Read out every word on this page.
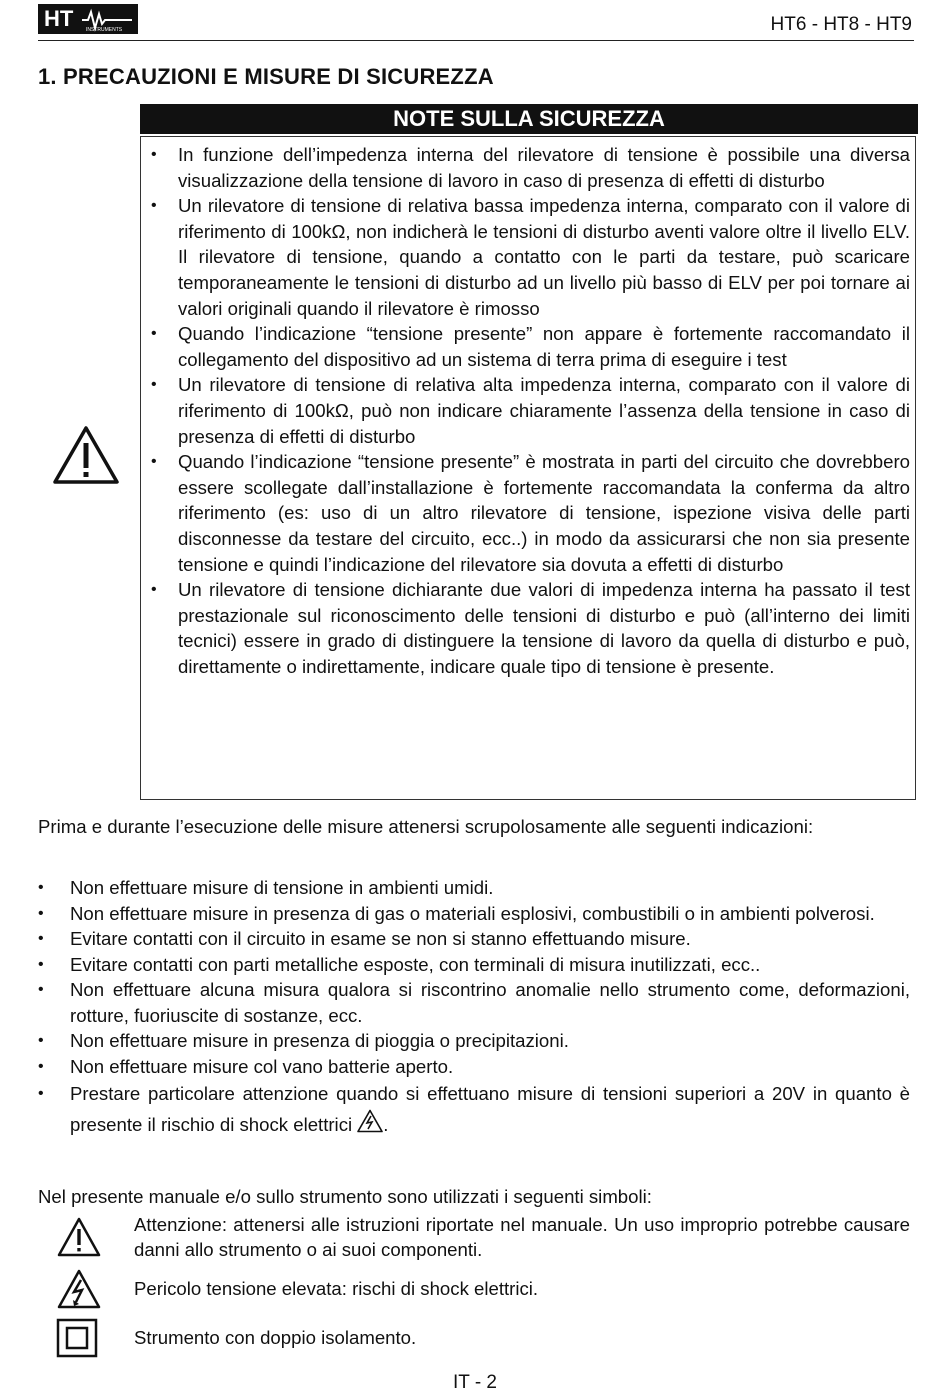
HT	INSTRUMENTS	HT6 - HT8 - HT9
1. PRECAUZIONI E MISURE DI SICUREZZA
NOTE SULLA SICUREZZA
• In funzione dell’impedenza interna del rilevatore di tensione è possibile una diversa visualizzazione della tensione di lavoro in caso di presenza di effetti di disturbo
• Un rilevatore di tensione di relativa bassa impedenza interna, comparato con il valore di riferimento di 100kΩ, non indicherà le tensioni di disturbo aventi valore oltre il livello ELV. Il rilevatore di tensione, quando a contatto con le parti da testare, può scaricare temporaneamente le tensioni di disturbo ad un livello più basso di ELV per poi tornare ai valori originali quando il rilevatore è rimosso
• Quando l’indicazione “tensione presente” non appare è fortemente raccomandato il collegamento del dispositivo ad un sistema di terra prima di eseguire i test
• Un rilevatore di tensione di relativa alta impedenza interna, comparato con il valore di riferimento di 100kΩ, può non indicare chiaramente l’assenza della tensione in caso di presenza di effetti di disturbo
• Quando l’indicazione “tensione presente” è mostrata in parti del circuito che dovrebbero essere scollegate dall’installazione è fortemente raccomandata la conferma da altro riferimento (es: uso di un altro rilevatore di tensione, ispezione visiva delle parti disconnesse da testare del circuito, ecc..) in modo da assicurarsi che non sia presente tensione e quindi l’indicazione del rilevatore sia dovuta a effetti di disturbo
• Un rilevatore di tensione dichiarante due valori di impedenza interna ha passato il test prestazionale sul riconoscimento delle tensioni di disturbo e può (all’interno dei limiti tecnici) essere in grado di distinguere la tensione di lavoro da quella di disturbo e può, direttamente o indirettamente, indicare quale tipo di tensione è presente.
Prima e durante l’esecuzione delle misure attenersi scrupolosamente alle seguenti indicazioni:
• Non effettuare misure di tensione in ambienti umidi.
• Non effettuare misure in presenza di gas o materiali esplosivi, combustibili o in ambienti polverosi.
• Evitare contatti con il circuito in esame se non si stanno effettuando misure.
• Evitare contatti con parti metalliche esposte, con terminali di misura inutilizzati, ecc..
• Non effettuare alcuna misura qualora si riscontrino anomalie nello strumento come, deformazioni, rotture, fuoriuscite di sostanze, ecc.
• Non effettuare misure in presenza di pioggia o precipitazioni.
• Non effettuare misure col vano batterie aperto.
• Prestare particolare attenzione quando si effettuano misure di tensioni superiori a 20V in quanto è presente il rischio di shock elettrici .
Nel presente manuale e/o sullo strumento sono utilizzati i seguenti simboli:
Attenzione: attenersi alle istruzioni riportate nel manuale. Un uso improprio potrebbe causare danni allo strumento o ai suoi componenti.
Pericolo tensione elevata: rischi di shock elettrici.
Strumento con doppio isolamento.
IT - 2
